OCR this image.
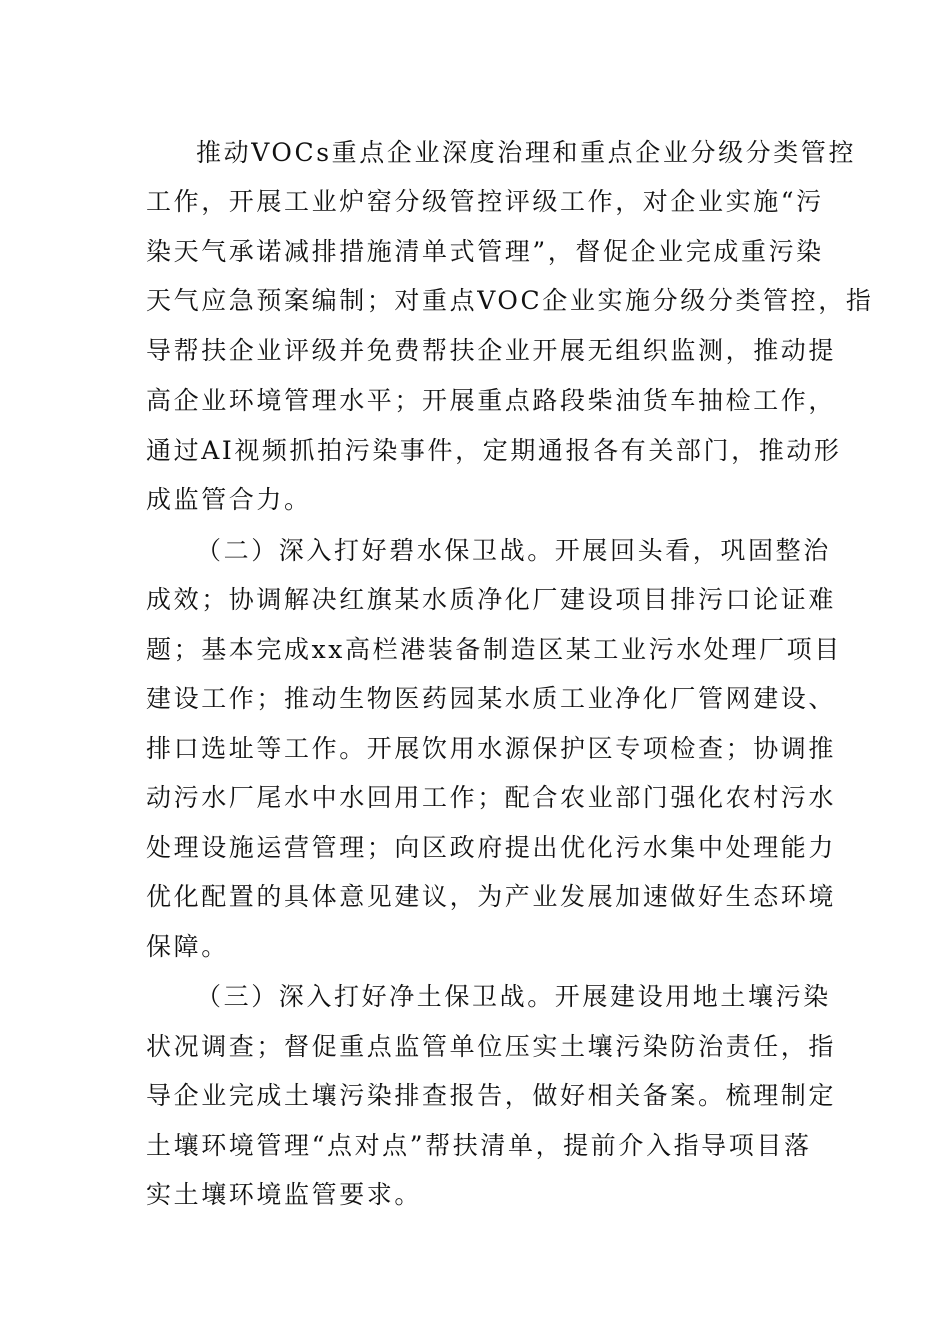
推动VOCs重点企业深度治理和重点企业分级分类管控

工作，开展工业炉窑分级管控评级工作，对企业实施“污

染天气承诺减排措施清单式管理”，督促企业完成重污染

天气应急预案编制；对重点VOC企业实施分级分类管控，指

导帮扶企业评级并免费帮扶企业开展无组织监测，推动提

高企业环境管理水平；开展重点路段柴油货车抽检工作，

通过AI视频抓拍污染事件，定期通报各有关部门，推动形

成监管合力。

（二）深入打好碧水保卫战。开展回头看，巩固整治

成效；协调解决红旗某水质净化厂建设项目排污口论证难

题；基本完成xx高栏港装备制造区某工业污水处理厂项目

建设工作；推动生物医药园某水质工业净化厂管网建设、

排口选址等工作。开展饮用水源保护区专项检查；协调推

动污水厂尾水中水回用工作；配合农业部门强化农村污水

处理设施运营管理；向区政府提出优化污水集中处理能力

优化配置的具体意见建议，为产业发展加速做好生态环境

保障。

（三）深入打好净土保卫战。开展建设用地土壤污染

状况调查；督促重点监管单位压实土壤污染防治责任，指

导企业完成土壤污染排查报告，做好相关备案。梳理制定

土壤环境管理“点对点”帮扶清单，提前介入指导项目落

实土壤环境监管要求。
